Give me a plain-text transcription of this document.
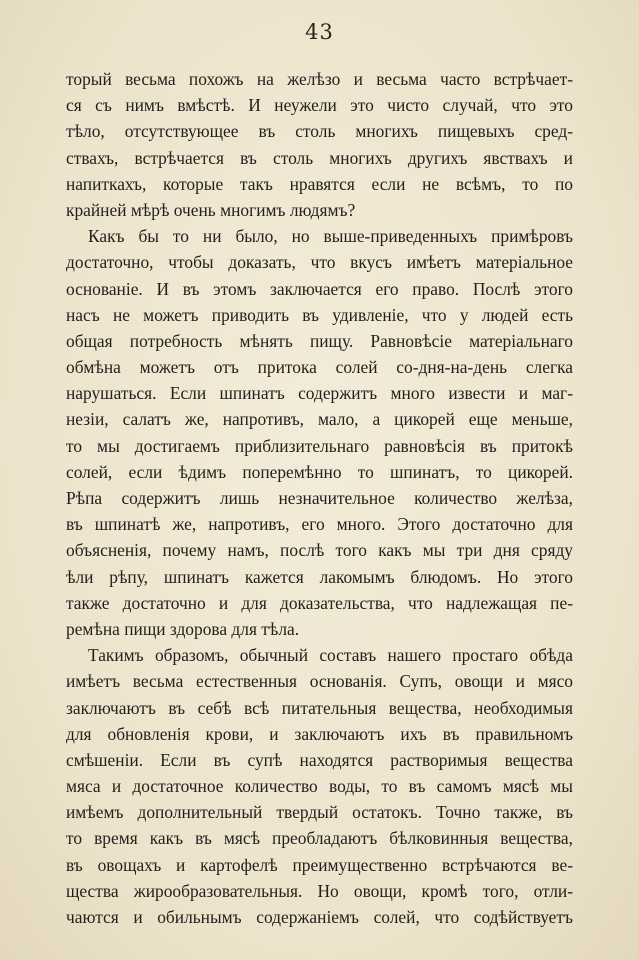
43
торый весьма похожъ на желѣзо и весьма часто встрѣчает-
ся съ нимъ вмѣстѣ. И неужели это чисто случай, что это
тѣло, отсутствующее въ столь многихъ пищевыхъ сред-
ствахъ, встрѣчается въ столь многихъ другихъ явствахъ и
напиткахъ, которые такъ нравятся если не всѣмъ, то по
крайней мѣрѣ очень многимъ людямъ?
Какъ бы то ни было, но выше-приведенныхъ примѣровъ
достаточно, чтобы доказать, что вкусъ имѣетъ матеріальное
основаніе. И въ этомъ заключается его право. Послѣ этого
насъ не можетъ приводить въ удивленіе, что у людей есть
общая потребность мѣнять пищу. Равновѣсіе матеріальнаго
обмѣна можетъ отъ притока солей со-дня-на-день слегка
нарушаться. Если шпинатъ содержитъ много извести и маг-
незіи, салатъ же, напротивъ, мало, а цикорей еще меньше,
то мы достигаемъ приблизительнаго равновѣсія въ притокѣ
солей, если ѣдимъ поперемѣнно то шпинатъ, то цикорей.
Рѣпа содержитъ лишь незначительное количество желѣза,
въ шпинатѣ же, напротивъ, его много. Этого достаточно для
объясненія, почему намъ, послѣ того какъ мы три дня сряду
ѣли рѣпу, шпинатъ кажется лакомымъ блюдомъ. Но этого
также достаточно и для доказательства, что надлежащая пе-
ремѣна пищи здорова для тѣла.
Такимъ образомъ, обычный составъ нашего простаго обѣда
имѣетъ весьма естественныя основанія. Супъ, овощи и мясо
заключаютъ въ себѣ всѣ питательныя вещества, необходимыя
для обновленія крови, и заключаютъ ихъ въ правильномъ
смѣшеніи. Если въ супѣ находятся растворимыя вещества
мяса и достаточное количество воды, то въ самомъ мясѣ мы
имѣемъ дополнительный твердый остатокъ. Точно также, въ
то время какъ въ мясѣ преобладаютъ бѣлковинныя вещества,
въ овощахъ и картофелѣ преимущественно встрѣчаются ве-
щества жирообразовательныя. Но овощи, кромѣ того, отли-
чаются и обильнымъ содержаніемъ солей, что содѣйствуетъ
